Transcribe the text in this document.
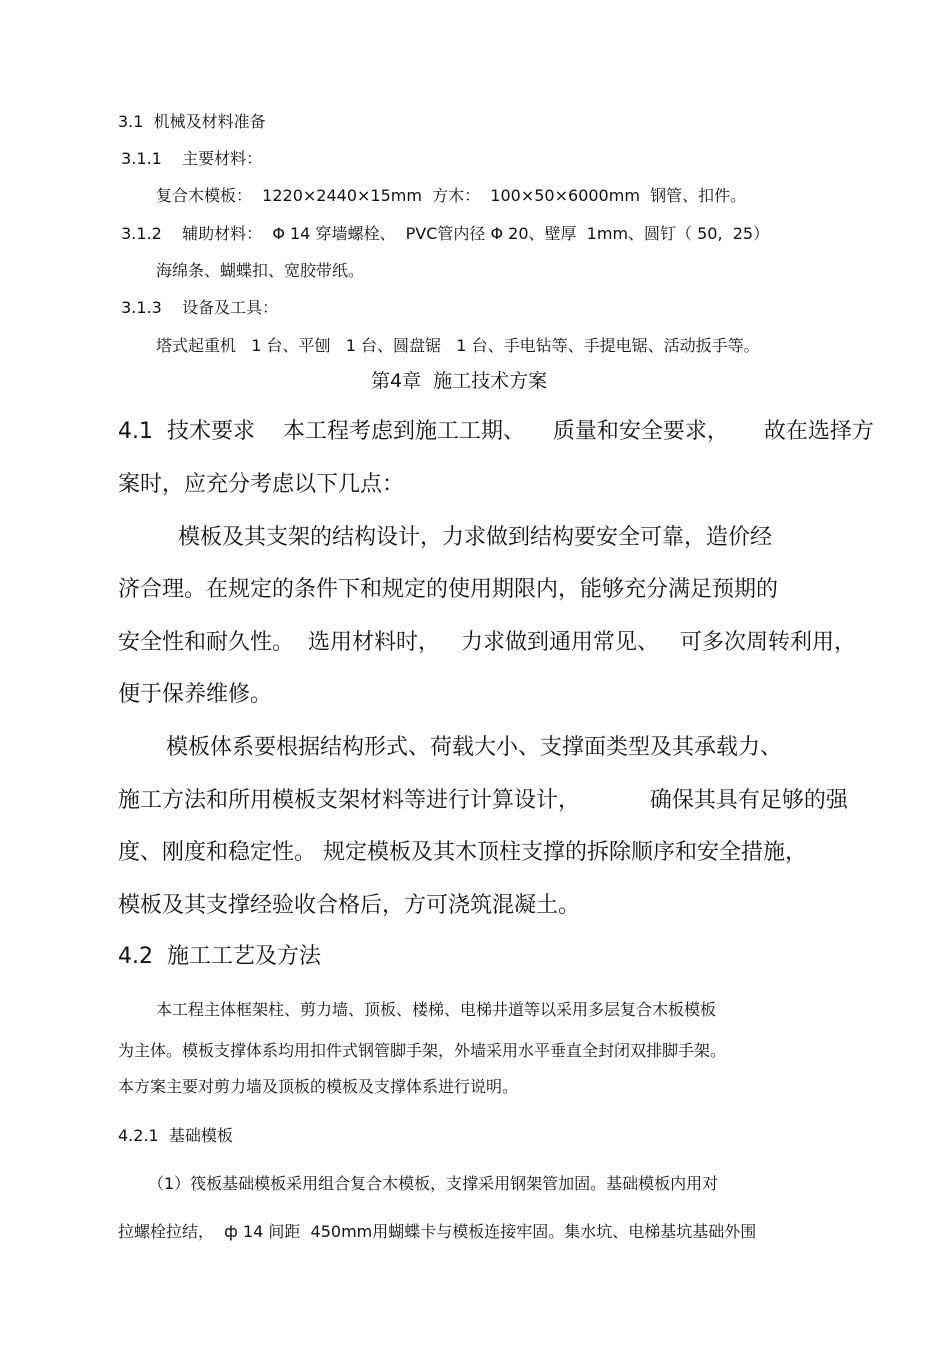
3.1  机械及材料准备

3.1.1    主要材料：

复合木模板：  1220×2440×15mm  方木：  100×50×6000mm  钢管、扣件。

3.1.2    辅助材料：  Φ 14 穿墙螺栓、  PVC管内径 Φ 20、壁厚  1mm、圆钉（ 50,  25）

海绵条、蝴蝶扣、宽胶带纸。

3.1.3    设备及工具：

塔式起重机   1 台、平刨   1 台、圆盘锯   1 台、手电钻等、手提电锯、活动扳手等。

第4章  施工技术方案

4.1  技术要求    本工程考虑到施工工期、    质量和安全要求，     故在选择方

案时，应充分考虑以下几点：

模板及其支架的结构设计，力求做到结构要安全可靠，造价经

济合理。在规定的条件下和规定的使用期限内，能够充分满足预期的

安全性和耐久性。  选用材料时，   力求做到通用常见、   可多次周转利用，

便于保养维修。

模板体系要根据结构形式、荷载大小、支撑面类型及其承载力、

施工方法和所用模板支架材料等进行计算设计，          确保其具有足够的强

度、刚度和稳定性。 规定模板及其木顶柱支撑的拆除顺序和安全措施，

模板及其支撑经验收合格后，方可浇筑混凝土。

4.2  施工工艺及方法

本工程主体框架柱、剪力墙、顶板、楼梯、电梯井道等以采用多层复合木板模板

为主体。模板支撑体系均用扣件式钢管脚手架，外墙采用水平垂直全封闭双排脚手架。

本方案主要对剪力墙及顶板的模板及支撑体系进行说明。

4.2.1  基础模板

（1）筏板基础模板采用组合复合木模板，支撑采用钢架管加固。基础模板内用对

拉螺栓拉结，  ф 14 间距  450mm用蝴蝶卡与模板连接牢固。集水坑、电梯基坑基础外围
